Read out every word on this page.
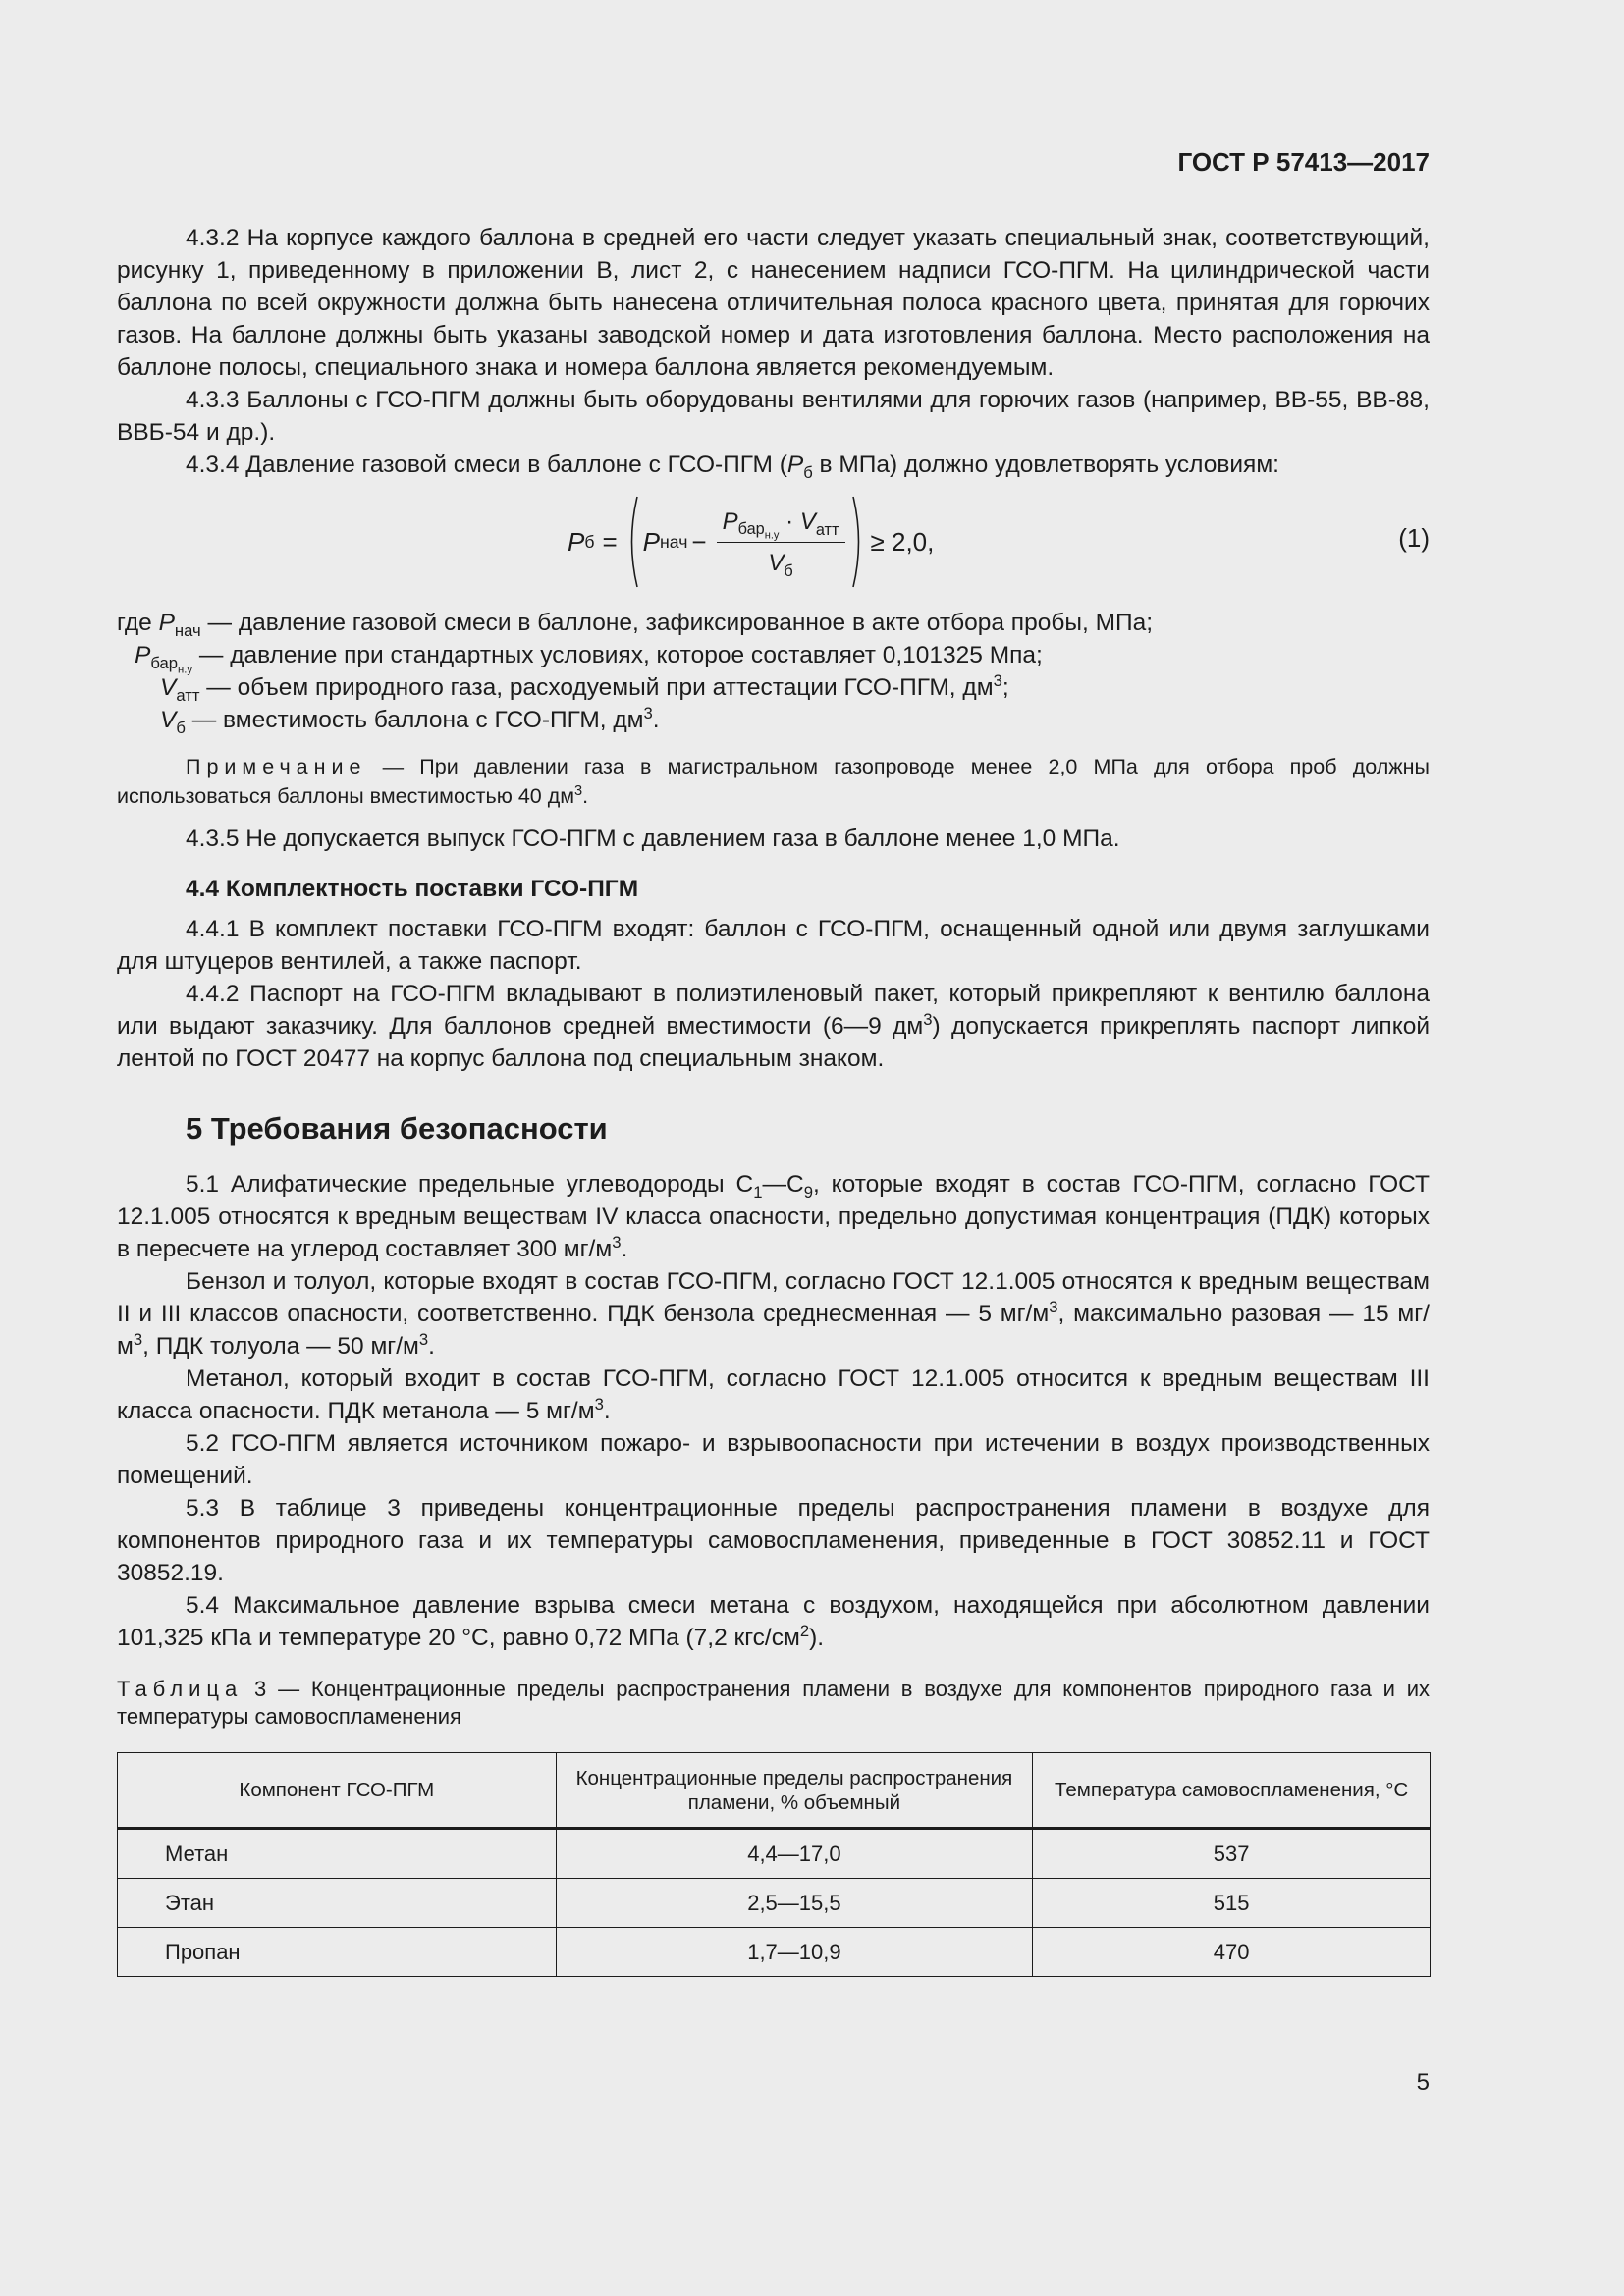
ГОСТ Р 57413—2017

4.3.2 На корпусе каждого баллона в средней его части следует указать специальный знак, соответствующий, рисунку 1, приведенному в приложении В, лист 2, с нанесением надписи ГСО-ПГМ. На цилиндрической части баллона по всей окружности должна быть нанесена отличительная полоса красного цвета, принятая для горючих газов. На баллоне должны быть указаны заводской номер и дата изготовления баллона. Место расположения на баллоне полосы, специального знака и номера баллона является рекомендуемым.

4.3.3 Баллоны с ГСО-ПГМ должны быть оборудованы вентилями для горючих газов (например, ВВ-55, ВВ-88, ВВБ-54 и др.).

4.3.4 Давление газовой смеси в баллоне с ГСО-ПГМ ($P_б$ в МПа) должно удовлетворять условиям:

P б = P нач − $\frac{P_{бар_{н.у}} \cdot V_{атт}}{V_б} \ge 2,0$,	(1)

где $P_{нач}$ — давление газовой смеси в баллоне, зафиксированное в акте отбора пробы, МПа;

$P_{бар_{н.у}}$ — давление при стандартных условиях, которое составляет 0,101325 Мпа;

$V_{атт}$ — объем природного газа, расходуемый при аттестации ГСО-ПГМ, $дм^3$;

$V_б$ — вместимость баллона с ГСО-ПГМ, $дм^3$.

Примечание — При давлении газа в магистральном газопроводе менее 2,0 МПа для отбора проб должны использоваться баллоны вместимостью 40 $дм^3$.

4.3.5 Не допускается выпуск ГСО-ПГМ с давлением газа в баллоне менее 1,0 МПа.

4.4 Комплектность поставки ГСО-ПГМ

4.4.1 В комплект поставки ГСО-ПГМ входят: баллон с ГСО-ПГМ, оснащенный одной или двумя заглушками для штуцеров вентилей, а также паспорт.

4.4.2 Паспорт на ГСО-ПГМ вкладывают в полиэтиленовый пакет, который прикрепляют к вентилю баллона или выдают заказчику. Для баллонов средней вместимости (6—9 $дм^3$) допускается прикреплять паспорт липкой лентой по ГОСТ 20477 на корпус баллона под специальным знаком.

5 Требования безопасности

5.1 Алифатические предельные углеводороды $C_1—C_9$, которые входят в состав ГСО-ПГМ, согласно ГОСТ 12.1.005 относятся к вредным веществам IV класса опасности, предельно допустимая концентрация (ПДК) которых в пересчете на углерод составляет 300 $мг/м^3$.

Бензол и толуол, которые входят в состав ГСО-ПГМ, согласно ГОСТ 12.1.005 относятся к вредным веществам II и III классов опасности, соответственно. ПДК бензола среднесменная — 5 $мг/м^3$, максимально разовая — 15 $мг/м^3$, ПДК толуола — 50 $мг/м^3$.

Метанол, который входит в состав ГСО-ПГМ, согласно ГОСТ 12.1.005 относится к вредным веществам III класса опасности. ПДК метанола — 5 $мг/м^3$.

5.2 ГСО-ПГМ является источником пожаро- и взрывоопасности при истечении в воздух производственных помещений.

5.3 В таблице 3 приведены концентрационные пределы распространения пламени в воздухе для компонентов природного газа и их температуры самовоспламенения, приведенные в ГОСТ 30852.11 и ГОСТ 30852.19.

5.4 Максимальное давление взрыва смеси метана с воздухом, находящейся при абсолютном давлении 101,325 кПа и температуре 20 °C, равно 0,72 МПа (7,2 кгс/$см^2$).

Таблица 3 — Концентрационные пределы распространения пламени в воздухе для компонентов природного газа и их температуры самовоспламенения

Компонент ГСО-ПГМ	Концентрационные пределы распространения пламени, % объемный	Температура самовоспламенения, °C
Метан	4,4—17,0	537
Этан	2,5—15,5	515
Пропан	1,7—10,9	470
5
